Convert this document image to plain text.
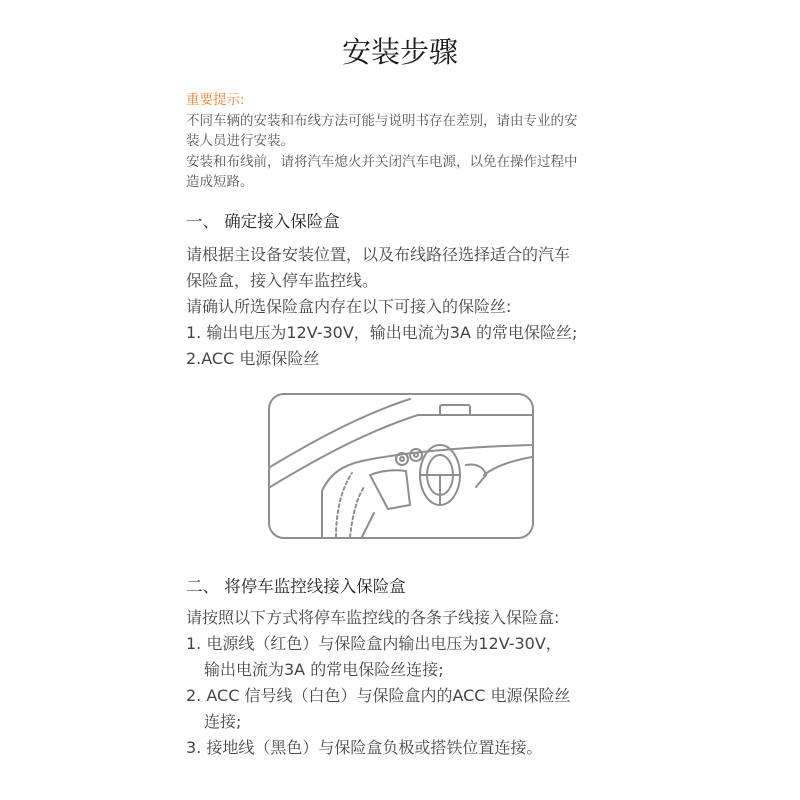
安装步骤

重要提示:

不同车辆的安装和布线方法可能与说明书存在差别，请由专业的安

装人员进行安装。

安装和布线前，请将汽车熄火并关闭汽车电源，以免在操作过程中

造成短路。

一、 确定接入保险盒

请根据主设备安装位置，以及布线路径选择适合的汽车

保险盒，接入停车监控线。

请确认所选保险盒内存在以下可接入的保险丝:

1. 输出电压为12V-30V，输出电流为3A 的常电保险丝;

2.ACC 电源保险丝

二、 将停车监控线接入保险盒

请按照以下方式将停车监控线的各条子线接入保险盒:

1. 电源线（红色）与保险盒内输出电压为12V-30V，

输出电流为3A 的常电保险丝连接;

2. ACC 信号线（白色）与保险盒内的ACC 电源保险丝

连接;

3. 接地线（黑色）与保险盒负极或搭铁位置连接。
